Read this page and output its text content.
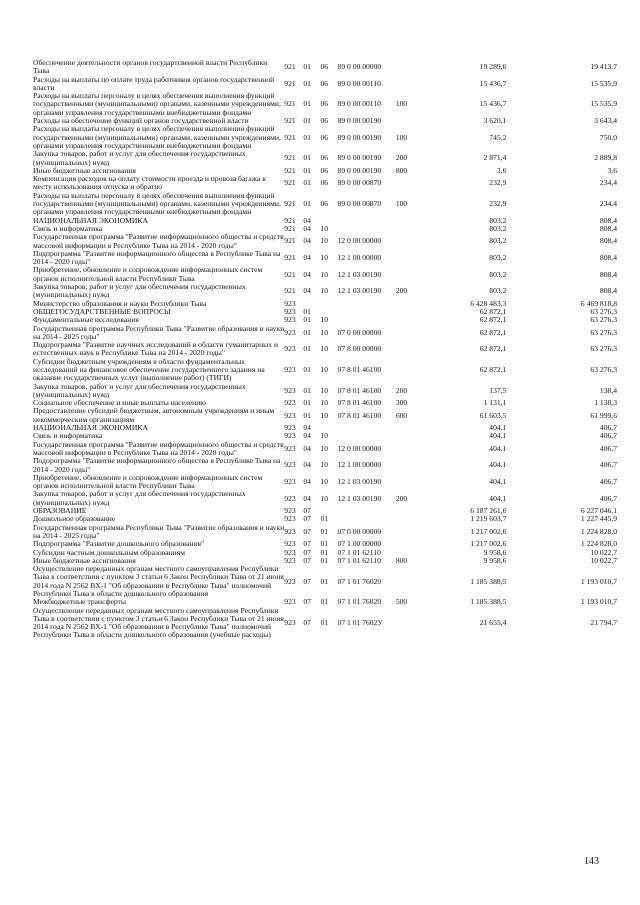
Обеспечение деятельности органов государтсвенной власти Республики Тыва	921	01	06	89 0 00 00000		19 289,6	19 413,7
Расходы на выплаты по оплате труда работников органов государственной власти	921	01	06	89 0 00 00110		15 436,7	15 535,9
Расходы на выплаты персоналу в целях обеспечения выполнения функций государственными (муниципальными) органами, казенными учреждениями, органами управления государственными внебюджетными фондами	921	01	06	89 0 00 00110	100	15 436,7	15 535,9
Расходы на обеспечение функций органов государственной власти	921	01	06	89 0 00 00190		3 620,1	3 643,4
Расходы на выплаты персоналу в целях обеспечения выполнения функций государственными (муниципальными) органами, казенными учреждениями, органами управления государственными внебюджетными фондами	921	01	06	89 0 00 00190	100	745,2	750,0
Закупка товаров, работ и услуг для обеспечения государственных (муниципальных) нужд	921	01	06	89 0 00 00190	200	2 871,4	2 889,8
Иные бюджетные ассигнования	921	01	06	89 0 00 00190	800	3,6	3,6
Компенсация расходов на оплату стоимости проезда и провоза багажа к месту использования отпуска и обратно	921	01	06	89 0 00 00870		232,9	234,4
Расходы на выплаты персоналу в целях обеспечения выполнения функций государственными (муниципальными) органами, казенными учреждениями, органами управления государственными внебюджетными фондами	921	01	06	89 0 00 00870	100	232,9	234,4
НАЦИОНАЛЬНАЯ ЭКОНОМИКА	921	04				803,2	808,4
Связь и информатика	921	04	10			803,2	808,4
Государственная программа "Развитие информационного общества и средств массовой информации в Республике Тыва на 2014 - 2020 годы"	921	04	10	12 0 00 00000		803,2	808,4
Подпрограмма "Развитие информационного общества в Республике Тыва на 2014 - 2020 годы"	921	04	10	12 1 00 00000		803,2	808,4
Приобретение, обновление и сопровождение информационных систем органов исполнительной власти Республики Тыва	921	04	10	12 1 03 00190		803,2	808,4
Закупка товаров, работ и услуг для обеспечения государственных (муниципальных) нужд	921	04	10	12 1 03 00190	200	803,2	808,4
Министерство образования и науки Республики Тыва	923					6 428 483,3	6 469 818,8
ОБЩЕГОСУДАРСТВЕННЫЕ ВОПРОСЫ	923	01				62 872,1	63 276,3
Фундаментальные исследования	923	01	10			62 872,1	63 276,3
Государственная программа Республики Тыва "Развитие образования и науки на 2014 - 2025 годы"	923	01	10	07 0 00 00000		62 872,1	63 276,3
Подпрограмма "Развитие научных исследований в области гуманитарных и естественных наук в Республике Тыва на 2014 - 2020 годы"	923	01	10	07 8 00 00000		62 872,1	63 276,3
Субсидии бюджетным учреждениям в области фундаментальных исследований на финансовое обеспечение государственного задания на оказание государственных услуг (выполнение работ) (ТИГИ)	923	01	10	07 8 01 46100		62 872,1	63 276,3
Закупка товаров, работ и услуг для обеспечения государственных (муниципальных) нужд	923	01	10	07 8 01 46100	200	137,5	138,4
Социальное обеспечение и иные выплаты населению	923	01	10	07 8 01 46100	300	1 131,1	1 138,3
Предоставление субсидий бюджетным, автономным учреждениям и иным некоммерческим организациям	923	01	10	07 8 01 46100	600	61 603,5	61 999,6
НАЦИОНАЛЬНАЯ ЭКОНОМИКА	923	04				404,1	406,7
Связь и информатика	923	04	10			404,1	406,7
Государственная программа "Развитие информационного общества и средств массовой информации в Республике Тыва на 2014 - 2020 годы"	923	04	10	12 0 00 00000		404,1	406,7
Подпрограмма "Развитие информационного общества в Республике Тыва на 2014 - 2020 годы"	923	04	10	12 1 00 00000		404,1	406,7
Приобретение, обновление и сопровождение информационных систем органов исполнительной власти Республики Тыва	923	04	10	12 1 03 00190		404,1	406,7
Закупка товаров, работ и услуг для обеспечения государственных (муниципальных) нужд	923	04	10	12 1 03 00190	200	404,1	406,7
ОБРАЗОВАНИЕ	923	07				6 187 261,6	6 227 046,1
Дошкольное образование	923	07	01			1 219 603,7	1 227 445,9
Государственная программа Республики Тыва "Развитие образования и науки на 2014 - 2025 годы"	923	07	01	07 0 00 00000		1 217 002,6	1 224 828,0
Подпрограмма "Развитие дошкольного образования"	923	07	01	07 1 00 00000		1 217 002,6	1 224 828,0
Субсидии частным дошкольным образованиям	923	07	01	07 1 01 62110		9 958,6	10 022,7
Иные бюджетные ассигнования	923	07	01	07 1 01 62110	800	9 958,6	10 022,7
Осуществление переданных органам местного самоуправления Республики Тыва в соответствии с пунктом 3 статьи 6 Закон Республики Тыва от 21 июня 2014 года N 2562 ВХ-1 "Об образовании в Республике Тыва" полномочий Республики Тыва в области дошкольного образования	923	07	01	07 1 01 76020		1 185 388,5	1 193 010,7
Межбюджетные трансферты	923	07	01	07 1 01 76020	500	1 185 388,5	1 193 010,7
Осуществление переданных органам местного самоуправления Республики Тыва в соответствии с пунктом 3 статьи 6 Закон Республики Тыва от 21 июня 2014 года N 2562 ВХ-1 "Об образовании в Республике Тыва" полномочий Республики Тыва в области дошкольного образования (учебные расходы)	923	07	01	07 1 01 7602У		21 655,4	21 794,7
143
